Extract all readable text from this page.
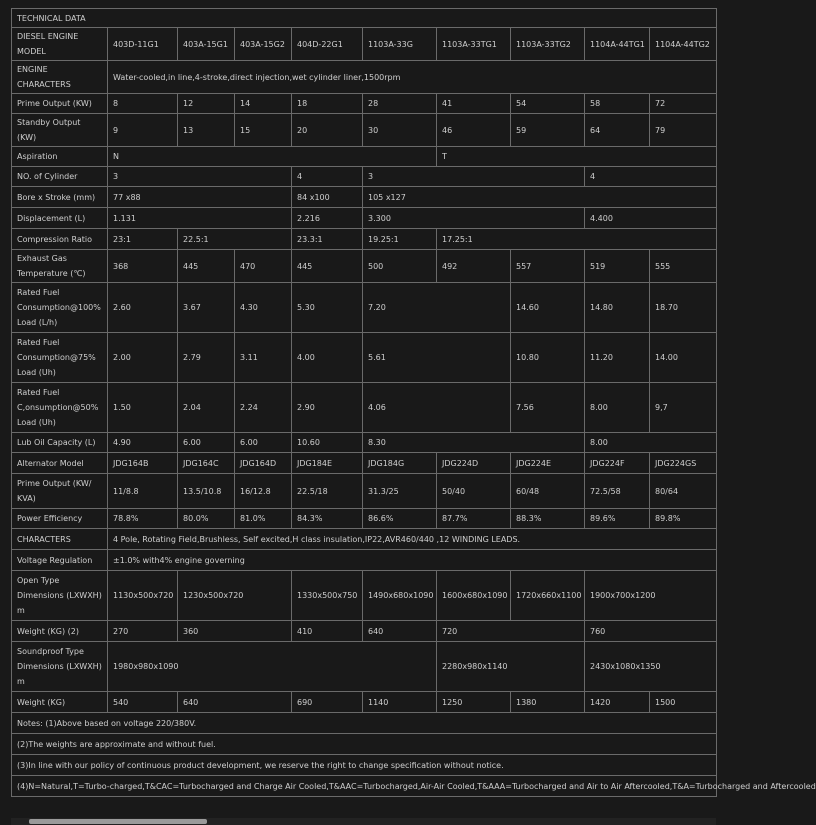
TECHNICAL DATA									
DIESEL ENGINE MODEL	403D-11G1	403A-15G1	403A-15G2	404D-22G1	1103A-33G	1103A-33TG1	1103A-33TG2	1104A-44TG1	1104A-44TG2
ENGINE CHARACTERS	Water-cooled,in line,4-stroke,direct injection,wet cylinder liner,1500rpm								
Prime Output (KW)	8	12	14	18	28	41	54	58	72
Standby Output (KW)	9	13	15	20	30	46	59	64	79
Aspiration	N					T			
NO. of Cylinder	3			4	3			4	
Bore x Stroke (mm)	77 x88			84 x100	105 x127				
Displacement (L)	1.131			2.216	3.300			4.400	
Compression Ratio	23:1	22.5:1		23.3:1	19.25:1	17.25:1			
Exhaust Gas Temperature (℃)	368	445	470	445	500	492	557	519	555
Rated Fuel Consumption@100% Load (L/h)	2.60	3.67	4.30	5.30	7.20		14.60	14.80	18.70
Rated Fuel Consumption@75% Load (Uh)	2.00	2.79	3.11	4.00	5.61		10.80	11.20	14.00
Rated Fuel C,onsumption@50% Load (Uh)	1.50	2.04	2.24	2.90	4.06		7.56	8.00	9,7
Lub Oil Capacity (L)	4.90	6.00	6.00	10.60	8.30			8.00	
Alternator Model	JDG164B	JDG164C	JDG164D	JDG184E	JDG184G	JDG224D	JDG224E	JDG224F	JDG224GS
Prime Output (KW/ KVA)	11/8.8	13.5/10.8	16/12.8	22.5/18	31.3/25	50/40	60/48	72.5/58	80/64
Power Efficiency	78.8%	80.0%	81.0%	84.3%	86.6%	87.7%	88.3%	89.6%	89.8%
CHARACTERS	4 Pole, Rotating Field,Brushless, Self excited,H class insulation,IP22,AVR460/440 ,12 WINDING LEADS.								
Voltage Regulation	±1.0% with4% engine governing								
Open Type Dimensions (LXWXH) m	1130x500x720	1230x500x720		1330x500x750	1490x680x1090	1600x680x1090	1720x660x1100	1900x700x1200	
Weight (KG) (2)	270	360		410	640	720		760	
Soundproof Type Dimensions (LXWXH) m	1980x980x1090					2280x980x1140		2430x1080x1350	
Weight (KG)	540	640		690	1140	1250	1380	1420	1500
Notes: (1)Above based on voltage 220/380V.									
(2)The weights are approximate and without fuel.									
(3)In line with our policy of continuous product development, we reserve the right to change specification without notice.									
(4)N=Natural,T=Turbo-charged,T&CAC=Turbocharged and Charge Air Cooled,T&AAC=Turbocharged,Air-Air Cooled,T&AAA=Turbocharged and Air to Air Aftercooled,T&A=Turbocharged and Aftercooled									
